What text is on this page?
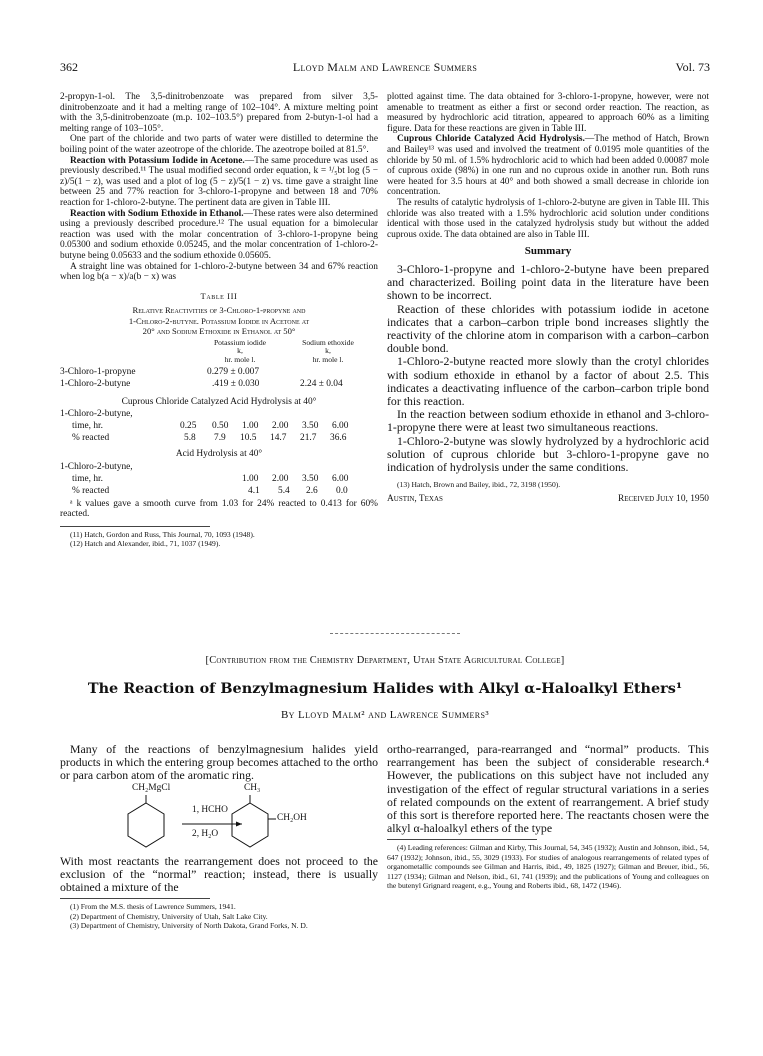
362	Lloyd Malm and Lawrence Summers	Vol. 73

2-propyn-1-ol. The 3,5-dinitrobenzoate was prepared from silver 3,5-dinitrobenzoate and it had a melting range of 102–104°. A mixture melting point with the 3,5-dinitrobenzoate (m.p. 102–103.5°) prepared from 2-butyn-1-ol had a melting range of 103–105°.

One part of the chloride and two parts of water were distilled to determine the boiling point of the water azeotrope of the chloride. The azeotrope boiled at 81.5°.

Reaction with Potassium Iodide in Acetone.—The same procedure was used as previously described.¹¹ The usual modified second order equation, k = ¹/₅bt log (5 − z)/5(1 − z), was used and a plot of log (5 − z)/5(1 − z) vs. time gave a straight line between 25 and 77% reaction for 3-chloro-1-propyne and between 18 and 70% reaction for 1-chloro-2-butyne. The pertinent data are given in Table III.

Reaction with Sodium Ethoxide in Ethanol.—These rates were also determined using a previously described procedure.¹² The usual equation for a bimolecular reaction was used with the molar concentration of 3-chloro-1-propyne being 0.05300 and sodium ethoxide 0.05245, and the molar concentration of 1-chloro-2-butyne being 0.05633 and the sodium ethoxide 0.05605.

A straight line was obtained for 1-chloro-2-butyne between 34 and 67% reaction when log b(a − x)/a(b − x) was

Table III
Relative Reactivities of 3-Chloro-1-propyne and
1-Chloro-2-butyne. Potassium Iodide in Acetone at
20° and Sodium Ethoxide in Ethanol at 50°
Potassium iodide
k,
hr. mole l.
Sodium ethoxide
k,
hr. mole l.
3-Chloro-1-propyne	0.279 ± 0.007
1-Chloro-2-butyne	.419 ± 0.030	2.24 ± 0.04
Cuprous Chloride Catalyzed Acid Hydrolysis at 40°
1-Chloro-2-butyne,
time, hr.	0.25 0.50 1.00 2.00 3.50 6.00
% reacted	5.8 7.9 10.5 14.7 21.7 36.6
Acid Hydrolysis at 40°
1-Chloro-2-butyne,
time, hr.	1.00 2.00 3.50 6.00
% reacted	4.1 5.4 2.6 0.0

ᵃ k values gave a smooth curve from 1.03 for 24% reacted to 0.413 for 60% reacted.

(11) Hatch, Gordon and Russ, This Journal, 70, 1093 (1948).

(12) Hatch and Alexander, ibid., 71, 1037 (1949).

plotted against time. The data obtained for 3-chloro-1-propyne, however, were not amenable to treatment as either a first or second order reaction. The reaction, as measured by hydrochloric acid titration, appeared to approach 60% as a limiting figure. Data for these reactions are given in Table III.

Cuprous Chloride Catalyzed Acid Hydrolysis.—The method of Hatch, Brown and Bailey¹³ was used and involved the treatment of 0.0195 mole quantities of the chloride by 50 ml. of 1.5% hydrochloric acid to which had been added 0.00087 mole of cuprous oxide (98%) in one run and no cuprous oxide in another run. Both runs were heated for 3.5 hours at 40° and both showed a small decrease in chloride ion concentration.

The results of catalytic hydrolysis of 1-chloro-2-butyne are given in Table III. This chloride was also treated with a 1.5% hydrochloric acid solution under conditions identical with those used in the catalyzed hydrolysis study but without the added cuprous oxide. The data obtained are also in Table III.

Summary

3-Chloro-1-propyne and 1-chloro-2-butyne have been prepared and characterized. Boiling point data in the literature have been shown to be incorrect.

Reaction of these chlorides with potassium iodide in acetone indicates that a carbon–carbon triple bond increases slightly the reactivity of the chlorine atom in comparison with a carbon–carbon double bond.

1-Chloro-2-butyne reacted more slowly than the crotyl chlorides with sodium ethoxide in ethanol by a factor of about 2.5. This indicates a deactivating influence of the carbon–carbon triple bond for this reaction.

In the reaction between sodium ethoxide in ethanol and 3-chloro-1-propyne there were at least two simultaneous reactions.

1-Chloro-2-butyne was slowly hydrolyzed by a hydrochloric acid solution of cuprous chloride but 3-chloro-1-propyne gave no indication of hydrolysis under the same conditions.

(13) Hatch, Brown and Bailey, ibid., 72, 3198 (1950).

Austin, Texas	Received July 10, 1950
[Contribution from the Chemistry Department, Utah State Agricultural College]
The Reaction of Benzylmagnesium Halides with Alkyl α-Haloalkyl Ethers¹
By Lloyd Malm² and Lawrence Summers³

Many of the reactions of benzylmagnesium halides yield products in which the entering group becomes attached to the ortho or para carbon atom of the aromatic ring.

CH₂MgCl	CH₃
1, HCHO
2, H₂O
CH₂OH

With most reactants the rearrangement does not proceed to the exclusion of the “normal” reaction; instead, there is usually obtained a mixture of the

(1) From the M.S. thesis of Lawrence Summers, 1941.

(2) Department of Chemistry, University of Utah, Salt Lake City.

(3) Department of Chemistry, University of North Dakota, Grand Forks, N. D.

ortho-rearranged, para-rearranged and “normal” products. This rearrangement has been the subject of considerable research.⁴ However, the publications on this subject have not included any investigation of the effect of regular structural variations in a series of related compounds on the extent of rearrangement. A brief study of this sort is therefore reported here. The reactants chosen were the alkyl α-haloalkyl ethers of the type

(4) Leading references: Gilman and Kirby, This Journal, 54, 345 (1932); Austin and Johnson, ibid., 54, 647 (1932); Johnson, ibid., 55, 3029 (1933). For studies of analogous rearrangements of related types of organometallic compounds see Gilman and Harris, ibid., 49, 1825 (1927); Gilman and Breuer, ibid., 56, 1127 (1934); Gilman and Nelson, ibid., 61, 741 (1939); and the publications of Young and colleagues on the butenyl Grignard reagent, e.g., Young and Roberts ibid., 68, 1472 (1946).
